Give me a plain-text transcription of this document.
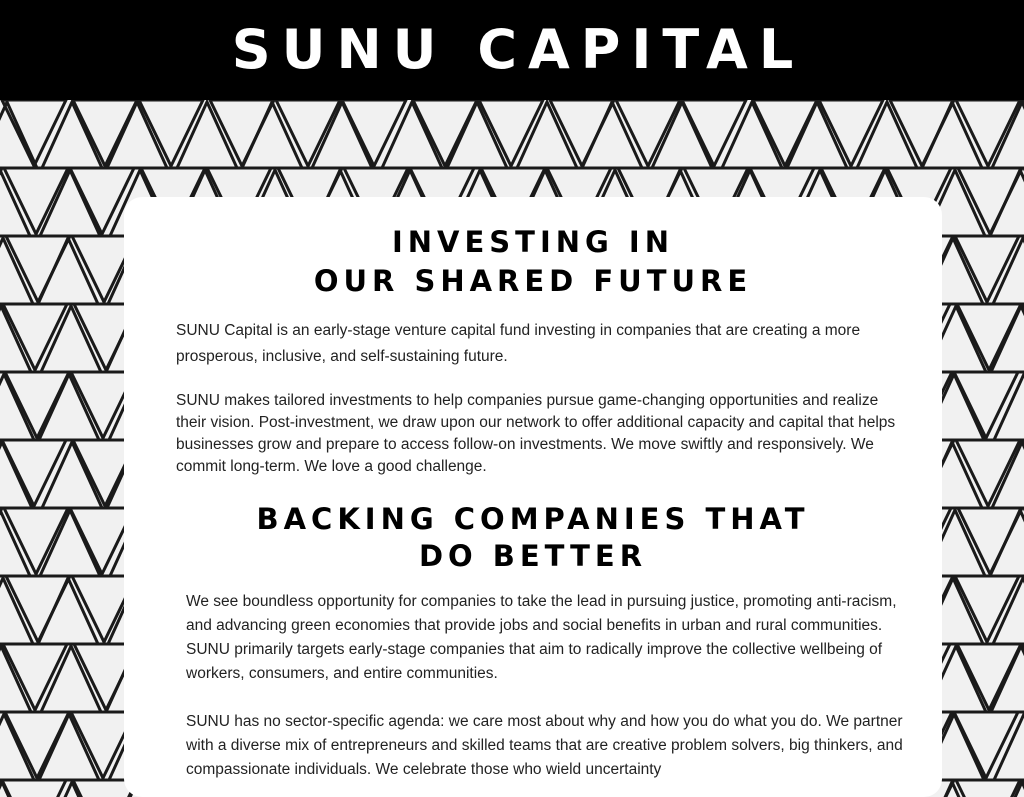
SUNU CAPITAL
INVESTING IN
OUR SHARED FUTURE

SUNU Capital is an early-stage venture capital fund investing in companies that are creating a more prosperous, inclusive, and self-sustaining future.

SUNU makes tailored investments to help companies pursue game-changing opportunities and realize their vision. Post-investment, we draw upon our network to offer additional capacity and capital that helps businesses grow and prepare to access follow-on investments. We move swiftly and responsively. We commit long-term. We love a good challenge.

BACKING COMPANIES THAT
DO BETTER

We see boundless opportunity for companies to take the lead in pursuing justice, promoting anti-racism, and advancing green economies that provide jobs and social benefits in urban and rural communities. SUNU primarily targets early-stage companies that aim to radically improve the collective wellbeing of workers, consumers, and entire communities.

SUNU has no sector-specific agenda: we care most about why and how you do what you do. We partner with a diverse mix of entrepreneurs and skilled teams that are creative problem solvers, big thinkers, and compassionate individuals. We celebrate those who wield uncertainty
